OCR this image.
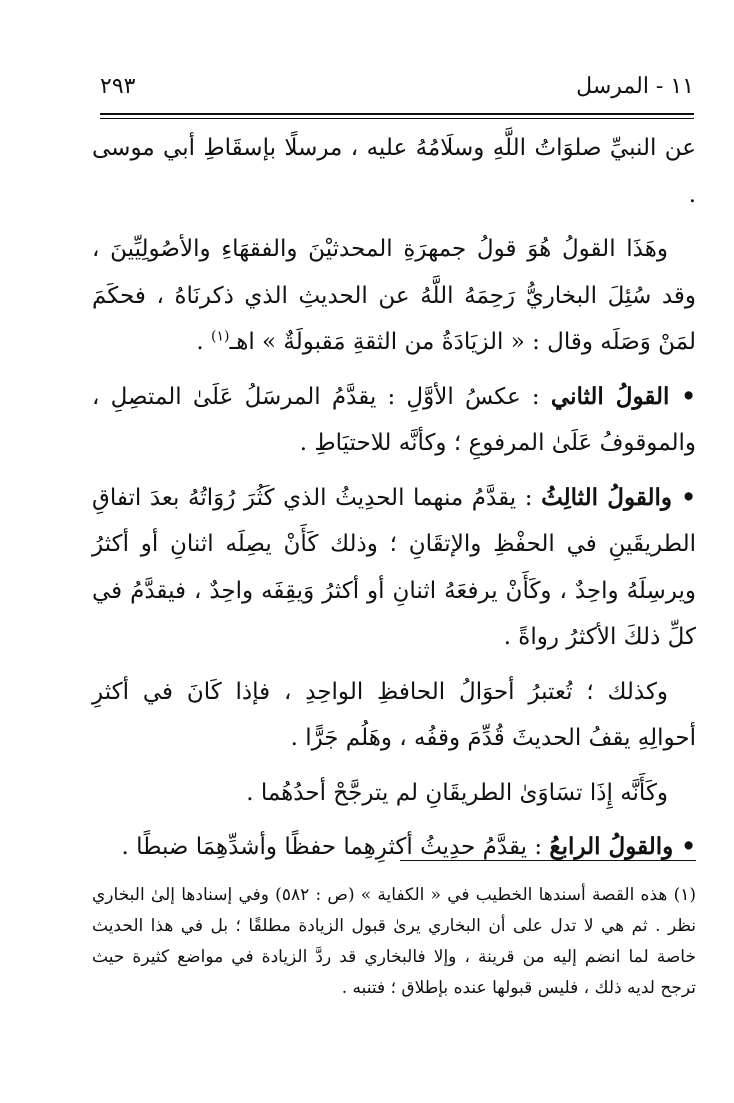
١١ - المرسل
٢٩٣

عن النبيِّ صلوَاتُ اللَّهِ وسلَامُهُ عليه ، مرسلًا بإسقَاطِ أبي موسى .

وهَذَا القولُ هُوَ قولُ جمهرَةِ المحدثيْنَ والفقهَاءِ والأصُولِيِّينَ ، وقد سُئِلَ البخاريُّ رَحِمَهُ اللَّهُ عن الحديثِ الذي ذكرنَاهُ ، فحكَمَ لمَنْ وَصَلَه وقال : « الزيَادَةُ من الثقةِ مَقبولَةٌ » اهـ$^{(١)}$ .

• القولُ الثاني : عكسُ الأوَّلِ : يقدَّمُ المرسَلُ عَلَىٰ المتصِلِ ، والموقوفُ عَلَىٰ المرفوعِ ؛ وكأنَّه للاحتيَاطِ .

• والقولُ الثالِثُ : يقدَّمُ منهما الحدِيثُ الذي كَثُرَ رُوَاتُهُ بعدَ اتفاقِ الطريقَينِ في الحفْظِ والإتقَانِ ؛ وذلك كَأَنْ يصِلَه اثنانِ أو أكثرُ ويرسِلَهُ واحِدٌ ، وكَأَنْ يرفعَهُ اثنانِ أو أكثرُ وَيقِفَه واحِدٌ ، فيقدَّمُ في كلِّ ذلكَ الأكثرُ رواةً .

وكذلك ؛ تُعتبرُ أحوَالُ الحافظِ الواحِدِ ، فإذا كَانَ في أكثرِ أحوالِهِ يقفُ الحديثَ قُدِّمَ وقفُه ، وهَلُم جَرًّا .

وكَأَنَّه إِذَا تسَاوَىٰ الطريقَانِ لم يترجَّحْ أحدُهُما .

• والقولُ الرابعُ : يقدَّمُ حدِيثُ أكثرِهِما حفظًا وأشدِّهِمَا ضبطًا .

(١) هذه القصة أسندها الخطيب في « الكفاية » (ص : ٥٨٢) وفي إسنادها إلىٰ البخاري نظر . ثم هي لا تدل على أن البخاري يرىٰ قبول الزيادة مطلقًا ؛ بل في هذا الحديث خاصة لما انضم إليه من قرينة ، وإلا فالبخاري قد ردَّ الزيادة في مواضع كثيرة حيث ترجح لديه ذلك ، فليس قبولها عنده بإطلاق ؛ فتنبه .
